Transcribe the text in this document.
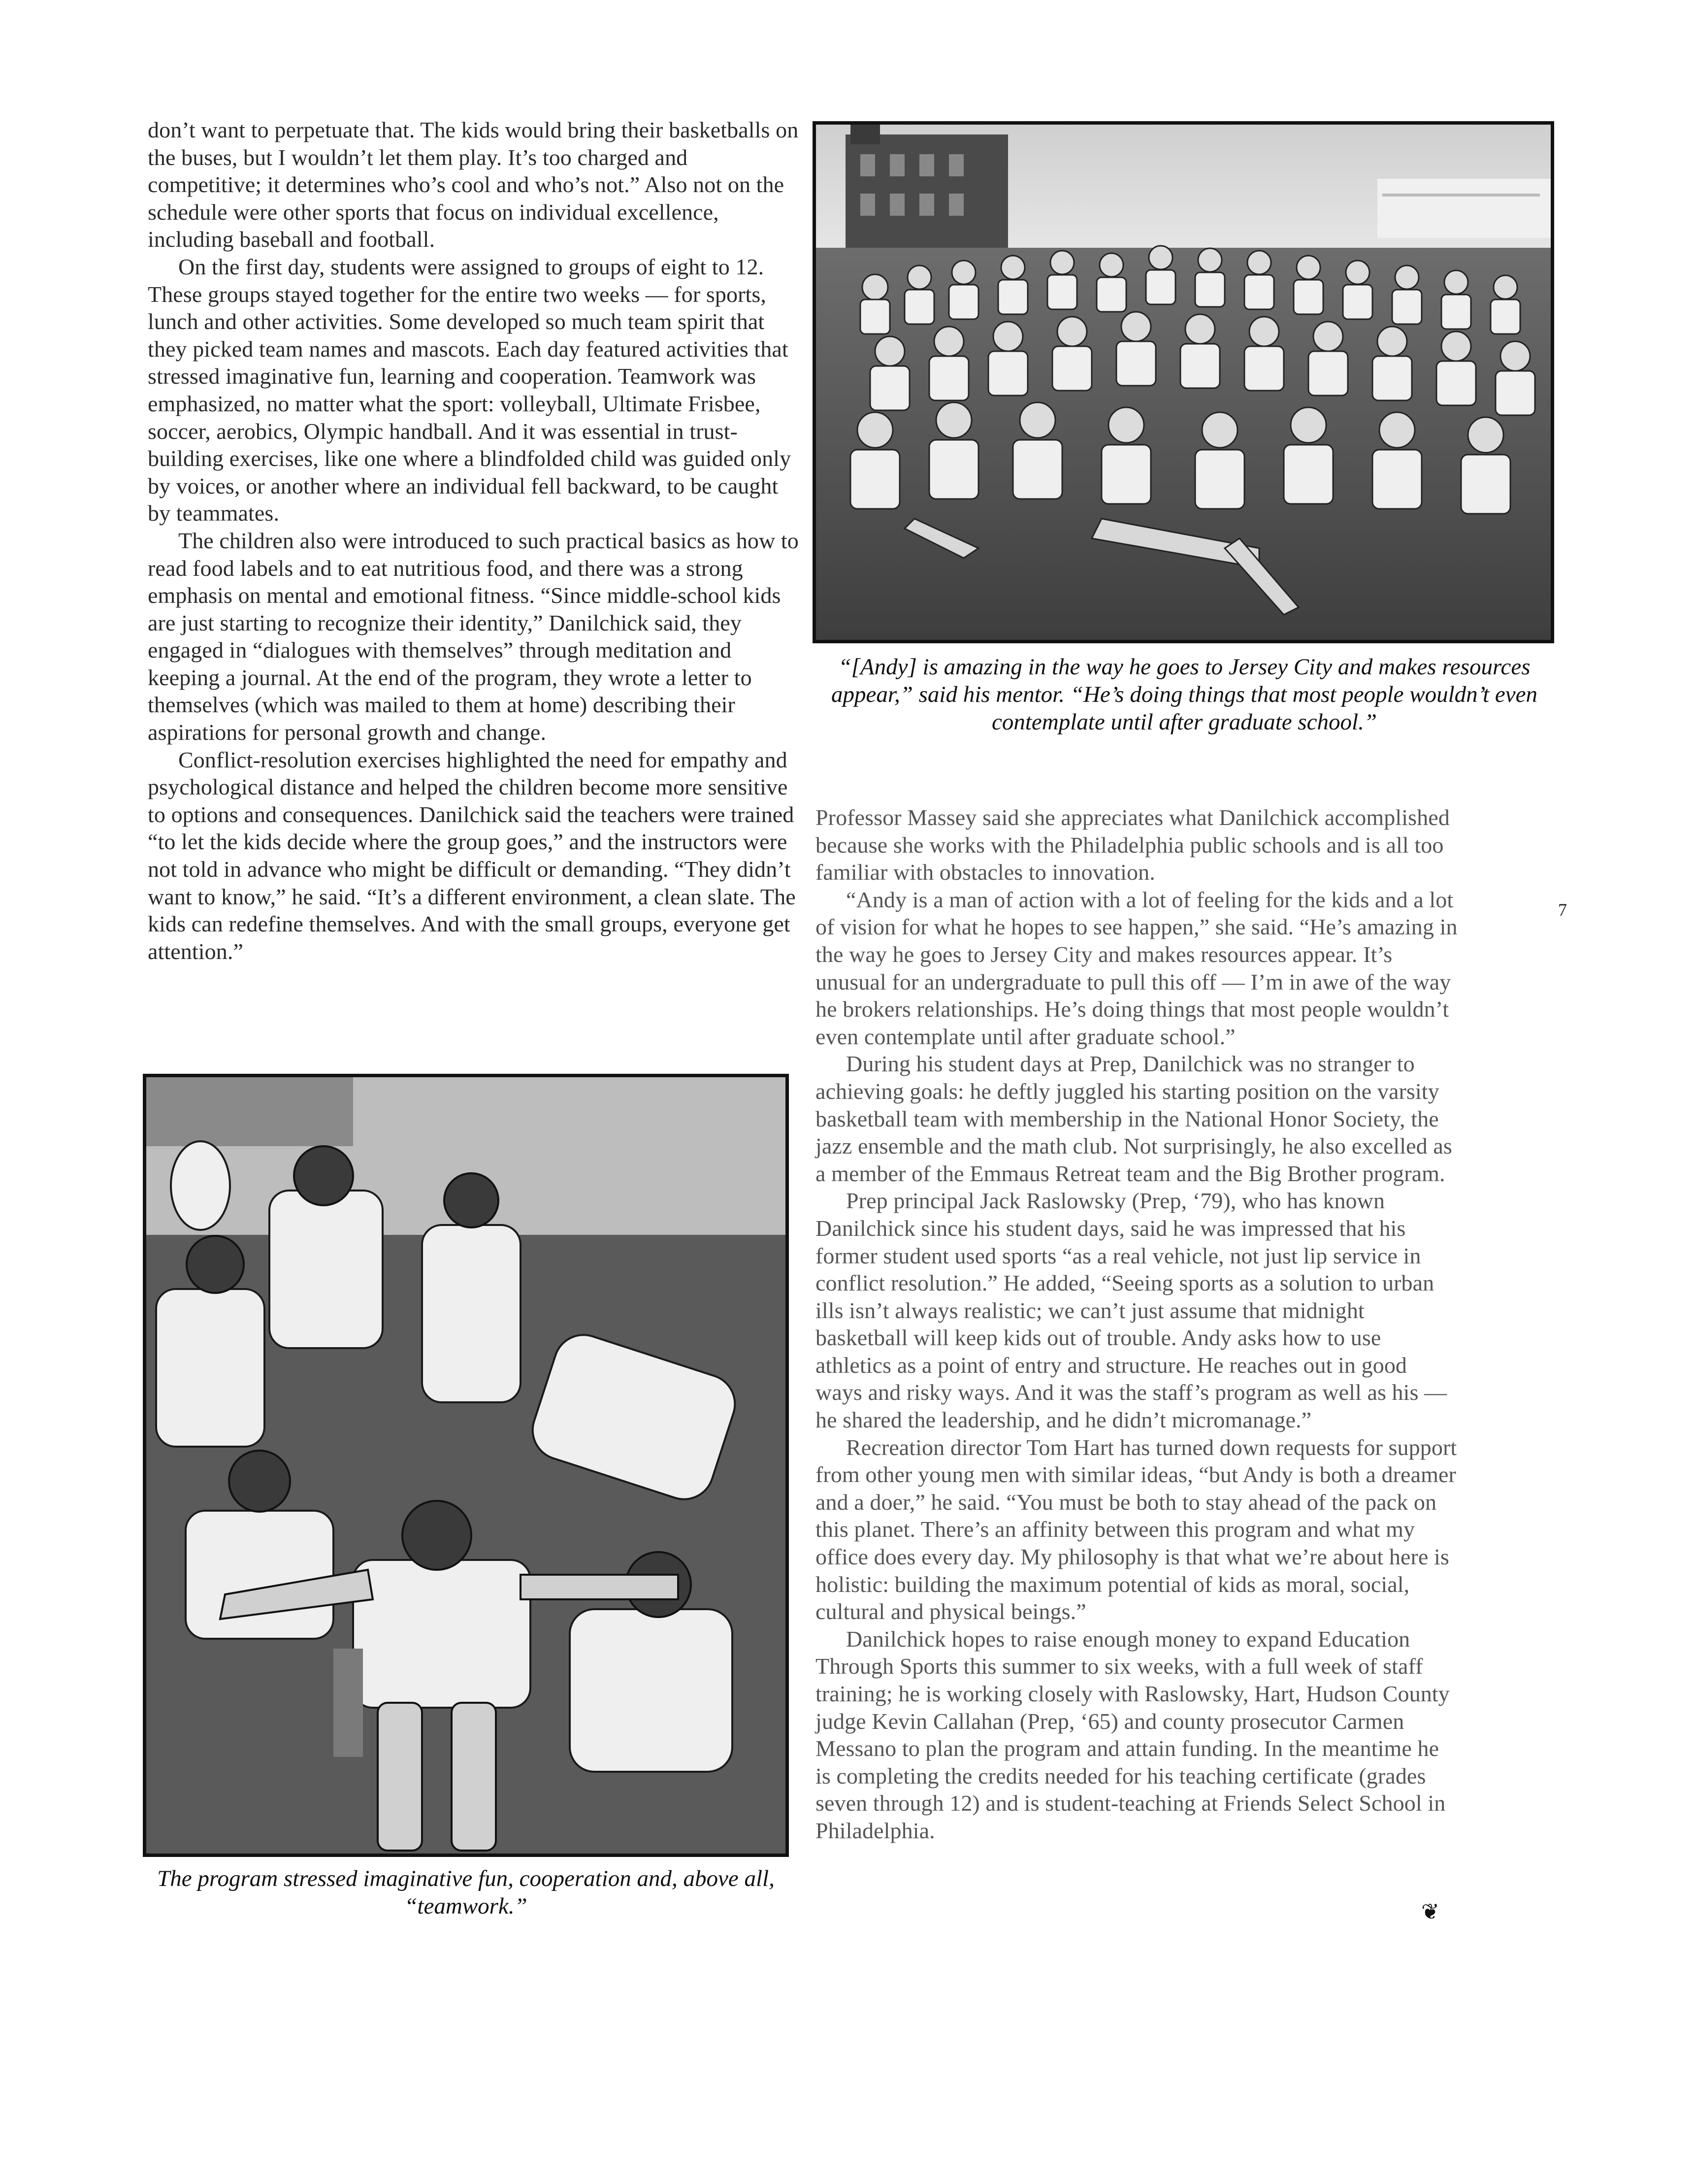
don’t want to perpetuate that. The kids would bring their basketballs on the buses, but I wouldn’t let them play. It’s too charged and competitive; it determines who’s cool and who’s not.” Also not on the schedule were other sports that focus on individual excellence, including baseball and football.

On the first day, students were assigned to groups of eight to 12. These groups stayed together for the entire two weeks — for sports, lunch and other activities. Some developed so much team spirit that they picked team names and mascots. Each day featured activities that stressed imaginative fun, learning and cooperation. Teamwork was emphasized, no matter what the sport: volleyball, Ultimate Frisbee, soccer, aerobics, Olympic handball. And it was essential in trust-building exercises, like one where a blindfolded child was guided only by voices, or another where an individual fell backward, to be caught by teammates.

The children also were introduced to such practical basics as how to read food labels and to eat nutritious food, and there was a strong emphasis on mental and emotional fitness. “Since middle-school kids are just starting to recognize their identity,” Danilchick said, they engaged in “dialogues with themselves” through meditation and keeping a journal. At the end of the program, they wrote a letter to themselves (which was mailed to them at home) describing their aspirations for personal growth and change.

Conflict-resolution exercises highlighted the need for empathy and psychological distance and helped the children become more sensitive to options and consequences. Danilchick said the teachers were trained “to let the kids decide where the group goes,” and the instructors were not told in advance who might be difficult or demanding. “They didn’t want to know,” he said. “It’s a different environment, a clean slate. The kids can redefine themselves. And with the small groups, everyone get attention.”

“[Andy] is amazing in the way he goes to Jersey City and makes resources appear,” said his mentor. “He’s doing things that most people wouldn’t even contemplate until after graduate school.”
The program stressed imaginative fun, cooperation and, above all, “teamwork.”

Professor Massey said she appreciates what Danilchick accomplished because she works with the Philadelphia public schools and is all too familiar with obstacles to innovation.

“Andy is a man of action with a lot of feeling for the kids and a lot of vision for what he hopes to see happen,” she said. “He’s amazing in the way he goes to Jersey City and makes resources appear. It’s unusual for an undergraduate to pull this off — I’m in awe of the way he brokers relationships. He’s doing things that most people wouldn’t even contemplate until after graduate school.”

During his student days at Prep, Danilchick was no stranger to achieving goals: he deftly juggled his starting position on the varsity basketball team with membership in the National Honor Society, the jazz ensemble and the math club. Not surprisingly, he also excelled as a member of the Emmaus Retreat team and the Big Brother program.

Prep principal Jack Raslowsky (Prep, ‘79), who has known Danilchick since his student days, said he was impressed that his former student used sports “as a real vehicle, not just lip service in conflict resolution.” He added, “Seeing sports as a solution to urban ills isn’t always realistic; we can’t just assume that midnight basketball will keep kids out of trouble. Andy asks how to use athletics as a point of entry and structure. He reaches out in good ways and risky ways. And it was the staff’s program as well as his — he shared the leadership, and he didn’t micromanage.”

Recreation director Tom Hart has turned down requests for support from other young men with similar ideas, “but Andy is both a dreamer and a doer,” he said. “You must be both to stay ahead of the pack on this planet. There’s an affinity between this program and what my office does every day. My philosophy is that what we’re about here is holistic: building the maximum potential of kids as moral, social, cultural and physical beings.”

Danilchick hopes to raise enough money to expand Education Through Sports this summer to six weeks, with a full week of staff training; he is working closely with Raslowsky, Hart, Hudson County judge Kevin Callahan (Prep, ‘65) and county prosecutor Carmen Messano to plan the program and attain funding. In the meantime he is completing the credits needed for his teaching certificate (grades seven through 12) and is student-teaching at Friends Select School in Philadelphia.

7
❦
